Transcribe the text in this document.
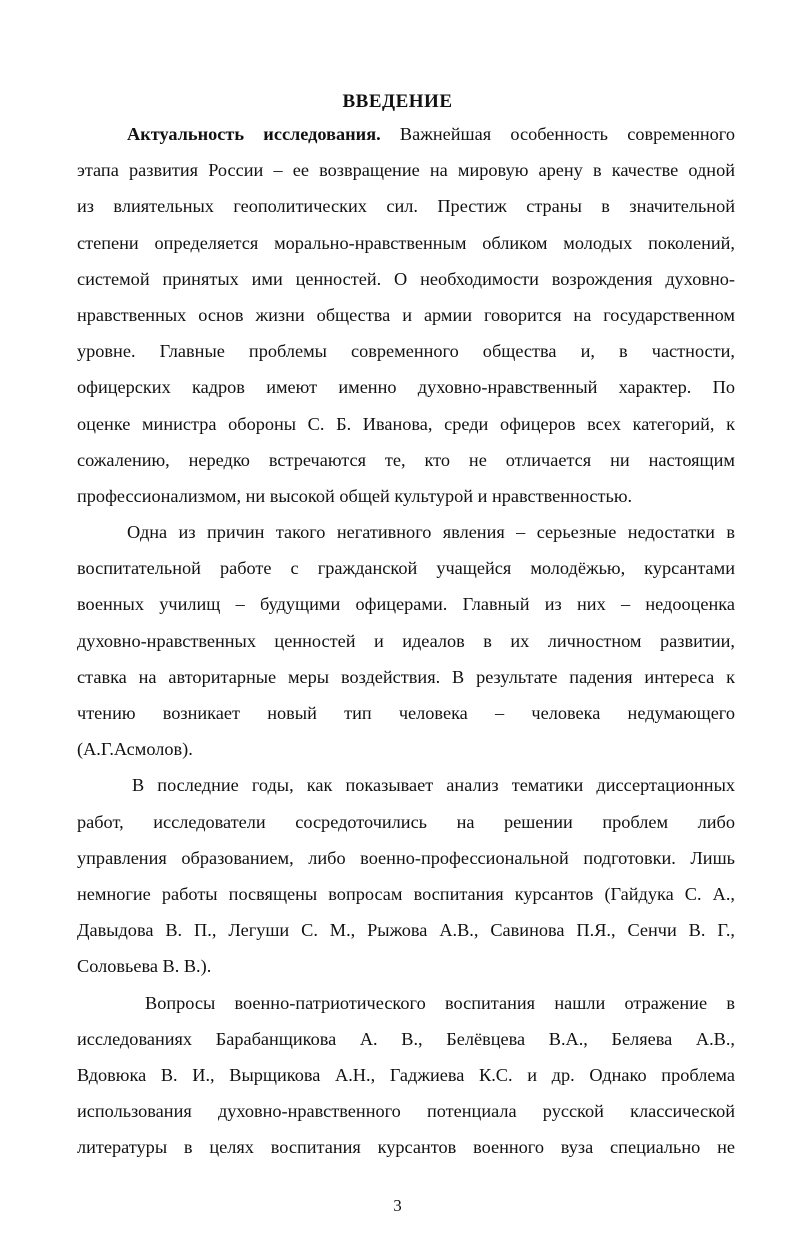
ВВЕДЕНИЕ
Актуальность исследования. Важнейшая особенность современного
этапа развития России – ее возвращение на мировую арену в качестве одной
из влиятельных геополитических сил. Престиж страны в значительной
степени определяется морально-нравственным обликом молодых поколений,
системой принятых ими ценностей. О необходимости возрождения духовно-
нравственных основ жизни общества и армии говорится на государственном
уровне. Главные проблемы современного общества и, в частности,
офицерских кадров имеют именно духовно-нравственный характер. По
оценке министра обороны С. Б. Иванова, среди офицеров всех категорий, к
сожалению, нередко встречаются те, кто не отличается ни настоящим
профессионализмом, ни высокой общей культурой и нравственностью.
Одна из причин такого негативного явления – серьезные недостатки в
воспитательной работе с гражданской учащейся молодёжью, курсантами
военных училищ – будущими офицерами. Главный из них – недооценка
духовно-нравственных ценностей и идеалов в их личностном развитии,
ставка на авторитарные меры воздействия. В результате падения интереса к
чтению возникает новый тип человека – человека недумающего
(А.Г.Асмолов).
В последние годы, как показывает анализ тематики диссертационных
работ, исследователи сосредоточились на решении проблем либо
управления образованием, либо военно-профессиональной подготовки. Лишь
немногие работы посвящены вопросам воспитания курсантов (Гайдука С. А.,
Давыдова В. П., Легуши С. М., Рыжова А.В., Савинова П.Я., Сенчи В. Г.,
Соловьева В. В.).
Вопросы военно-патриотического воспитания нашли отражение в
исследованиях Барабанщикова А. В., Белёвцева В.А., Беляева А.В.,
Вдовюка В. И., Вырщикова А.Н., Гаджиева К.С. и др. Однако проблема
использования духовно-нравственного потенциала русской классической
литературы в целях воспитания курсантов военного вуза специально не
3
